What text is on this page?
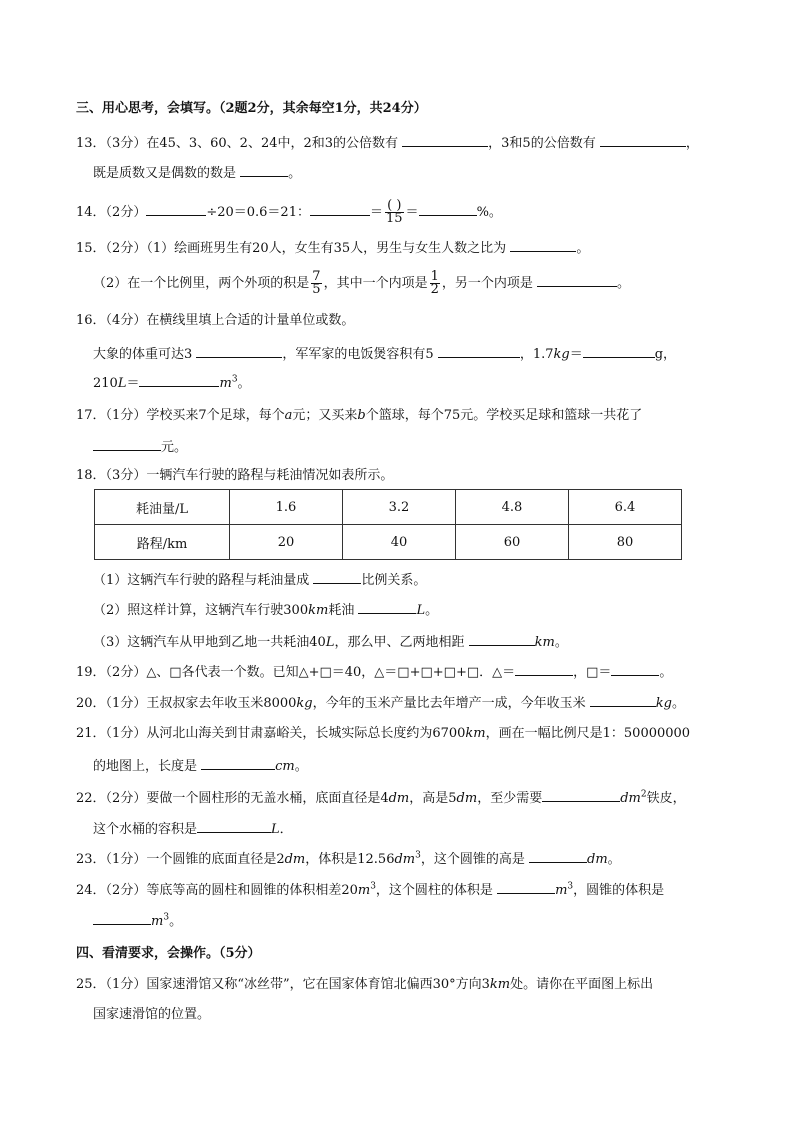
三、用心思考，会填写。（2题2分，其余每空1分，共24分）
13．（3分）在45、3、60、2、24中，2和3的公倍数有	，3和5的公倍数有	，
既是质数又是偶数的数是	。
14．（2分）	÷20＝0.6＝21：	＝ $\frac{( )}{15}$ ＝	%。
15．（2分）（1）绘画班男生有20人，女生有35人，男生与女生人数之比为	。
（2）在一个比例里，两个外项的积是 $\frac{7}{5}$ ，其中一个内项是 $\frac{1}{2}$ ，另一个内项是	。
16．（4分）在横线里填上合适的计量单位或数。
大象的体重可达3	，军军家的电饭煲容积有5	，1.7kg＝	g，
210L＝	$m^3$。
17．（1分）学校买来7个足球，每个a元；又买来b个篮球，每个75元。学校买足球和篮球一共花了
元。
18．（3分）一辆汽车行驶的路程与耗油情况如表所示。
耗油量/L	1.6	3.2	4.8	6.4
路程/km	20	40	60	80
（1）这辆汽车行驶的路程与耗油量成	比例关系。
（2）照这样计算，这辆汽车行驶300km耗油	L。
（3）这辆汽车从甲地到乙地一共耗油40L，那么甲、乙两地相距	km。
19．（2分）△、□各代表一个数。已知△+□＝40，△＝□+□+□+□．△＝	，□＝	。
20．（1分）王叔叔家去年收玉米8000kg，今年的玉米产量比去年增产一成，今年收玉米	kg。
21．（1分）从河北山海关到甘肃嘉峪关，长城实际总长度约为6700km，画在一幅比例尺是1：50000000
的地图上，长度是	cm。
22．（2分）要做一个圆柱形的无盖水桶，底面直径是4dm，高是5dm，至少需要	$dm^2$铁皮，
这个水桶的容积是	L．
23．（1分）一个圆锥的底面直径是2dm，体积是$12.56dm^3$，这个圆锥的高是	dm。
24．（2分）等底等高的圆柱和圆锥的体积相差$20m^3$，这个圆柱的体积是	$m^3$，圆锥的体积是
$m^3$。
四、看清要求，会操作。（5分）
25．（1分）国家速滑馆又称“冰丝带”，它在国家体育馆北偏西30°方向3km处。请你在平面图上标出
国家速滑馆的位置。
